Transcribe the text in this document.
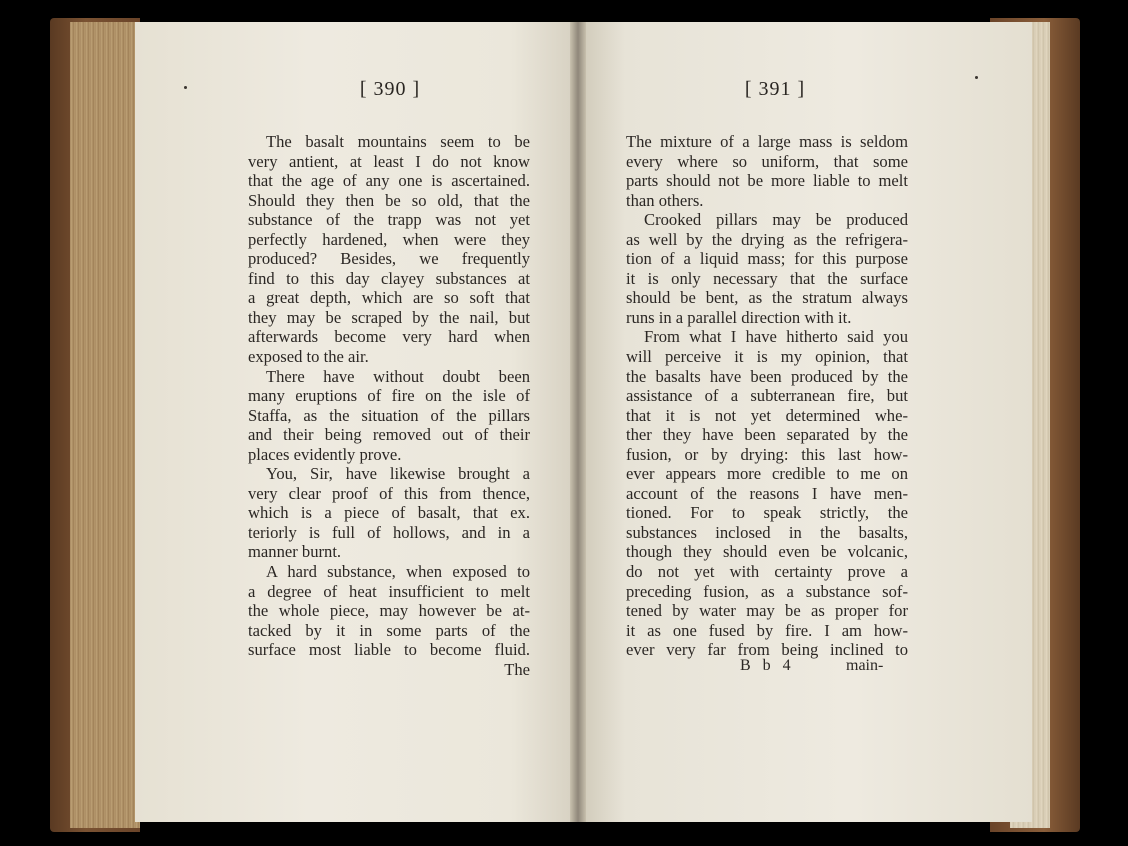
[ 390 ]	[ 391 ]
The basalt mountains seem to be
very antient, at least I do not know
that the age of any one is ascertained.
Should they then be so old, that the
substance of the trapp was not yet
perfectly hardened, when were they
produced? Besides, we frequently
find to this day clayey substances at
a great depth, which are so soft that
they may be scraped by the nail, but
afterwards become very hard when
exposed to the air.
There have without doubt been
many eruptions of fire on the isle of
Staffa, as the situation of the pillars
and their being removed out of their
places evidently prove.
You, Sir, have likewise brought a
very clear proof of this from thence,
which is a piece of basalt, that ex.
teriorly is full of hollows, and in a
manner burnt.
A hard substance, when exposed to
a degree of heat insufficient to melt
the whole piece, may however be at-
tacked by it in some parts of the
surface most liable to become fluid.
The
The mixture of a large mass is seldom
every where so uniform, that some
parts should not be more liable to melt
than others.
Crooked pillars may be produced
as well by the drying as the refrigera-
tion of a liquid mass; for this purpose
it is only necessary that the surface
should be bent, as the stratum always
runs in a parallel direction with it.
From what I have hitherto said you
will perceive it is my opinion, that
the basalts have been produced by the
assistance of a subterranean fire, but
that it is not yet determined whe-
ther they have been separated by the
fusion, or by drying: this last how-
ever appears more credible to me on
account of the reasons I have men-
tioned. For to speak strictly, the
substances inclosed in the basalts,
though they should even be volcanic,
do not yet with certainty prove a
preceding fusion, as a substance sof-
tened by water may be as proper for
it as one fused by fire. I am how-
ever very far from being inclined to
B b 4	main-
